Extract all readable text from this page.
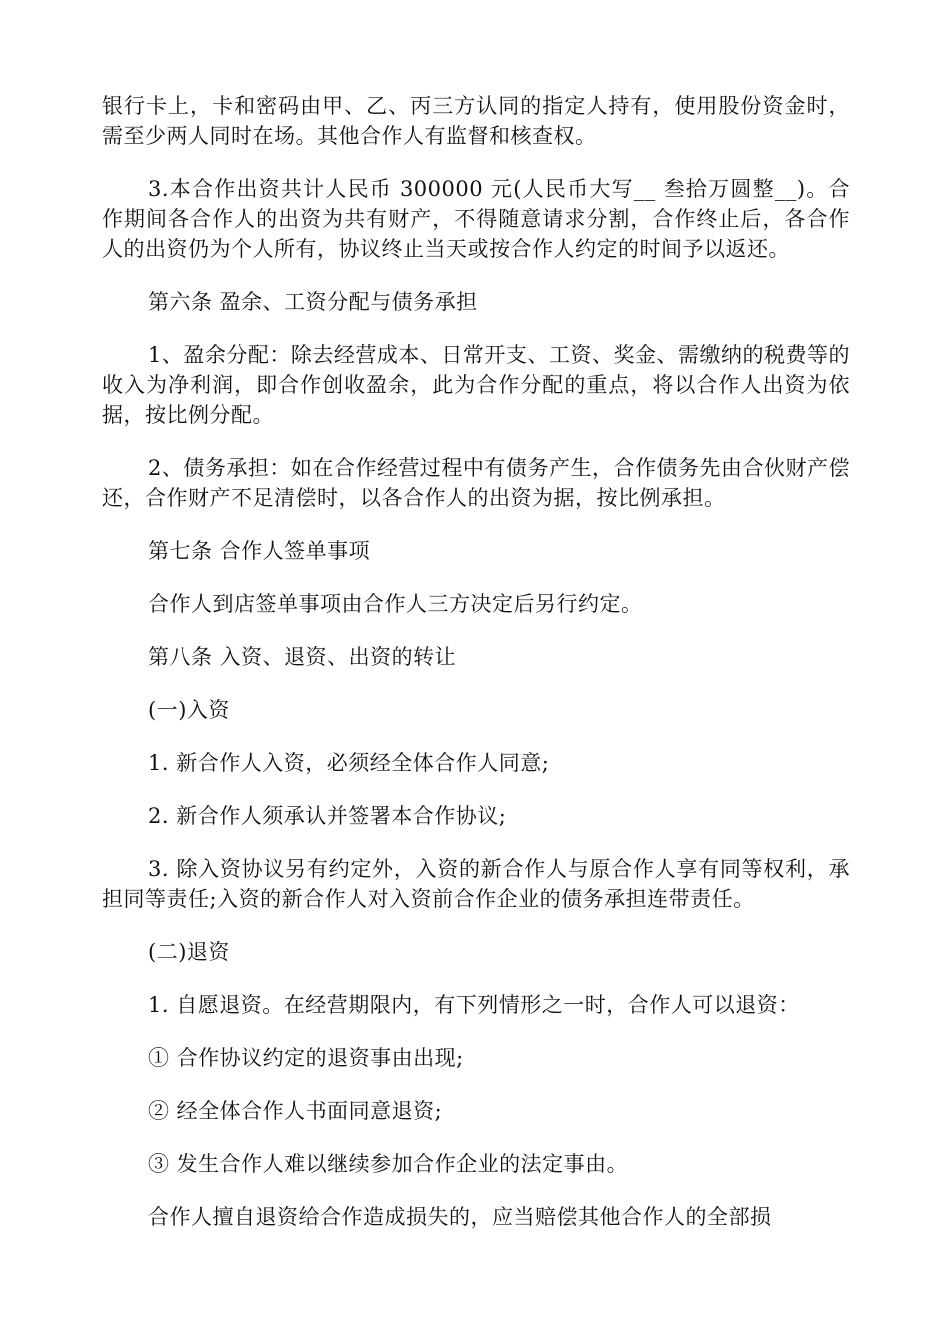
银行卡上，卡和密码由甲、乙、丙三方认同的指定人持有，使用股份资金时，需至少两人同时在场。其他合作人有监督和核查权。

3.本合作出资共计人民币 300000 元(人民币大写__ 叁拾万圆整__)。合作期间各合作人的出资为共有财产，不得随意请求分割，合作终止后，各合作人的出资仍为个人所有，协议终止当天或按合作人约定的时间予以返还。

第六条 盈余、工资分配与债务承担

1、盈余分配：除去经营成本、日常开支、工资、奖金、需缴纳的税费等的收入为净利润，即合作创收盈余，此为合作分配的重点，将以合作人出资为依据，按比例分配。

2、债务承担：如在合作经营过程中有债务产生，合作债务先由合伙财产偿还，合作财产不足清偿时，以各合作人的出资为据，按比例承担。

第七条 合作人签单事项

合作人到店签单事项由合作人三方决定后另行约定。

第八条 入资、退资、出资的转让

(一)入资

1. 新合作人入资，必须经全体合作人同意;

2. 新合作人须承认并签署本合作协议;

3. 除入资协议另有约定外，入资的新合作人与原合作人享有同等权利，承担同等责任;入资的新合作人对入资前合作企业的债务承担连带责任。

(二)退资

1. 自愿退资。在经营期限内，有下列情形之一时，合作人可以退资：

① 合作协议约定的退资事由出现;

② 经全体合作人书面同意退资;

③ 发生合作人难以继续参加合作企业的法定事由。

合作人擅自退资给合作造成损失的，应当赔偿其他合作人的全部损
